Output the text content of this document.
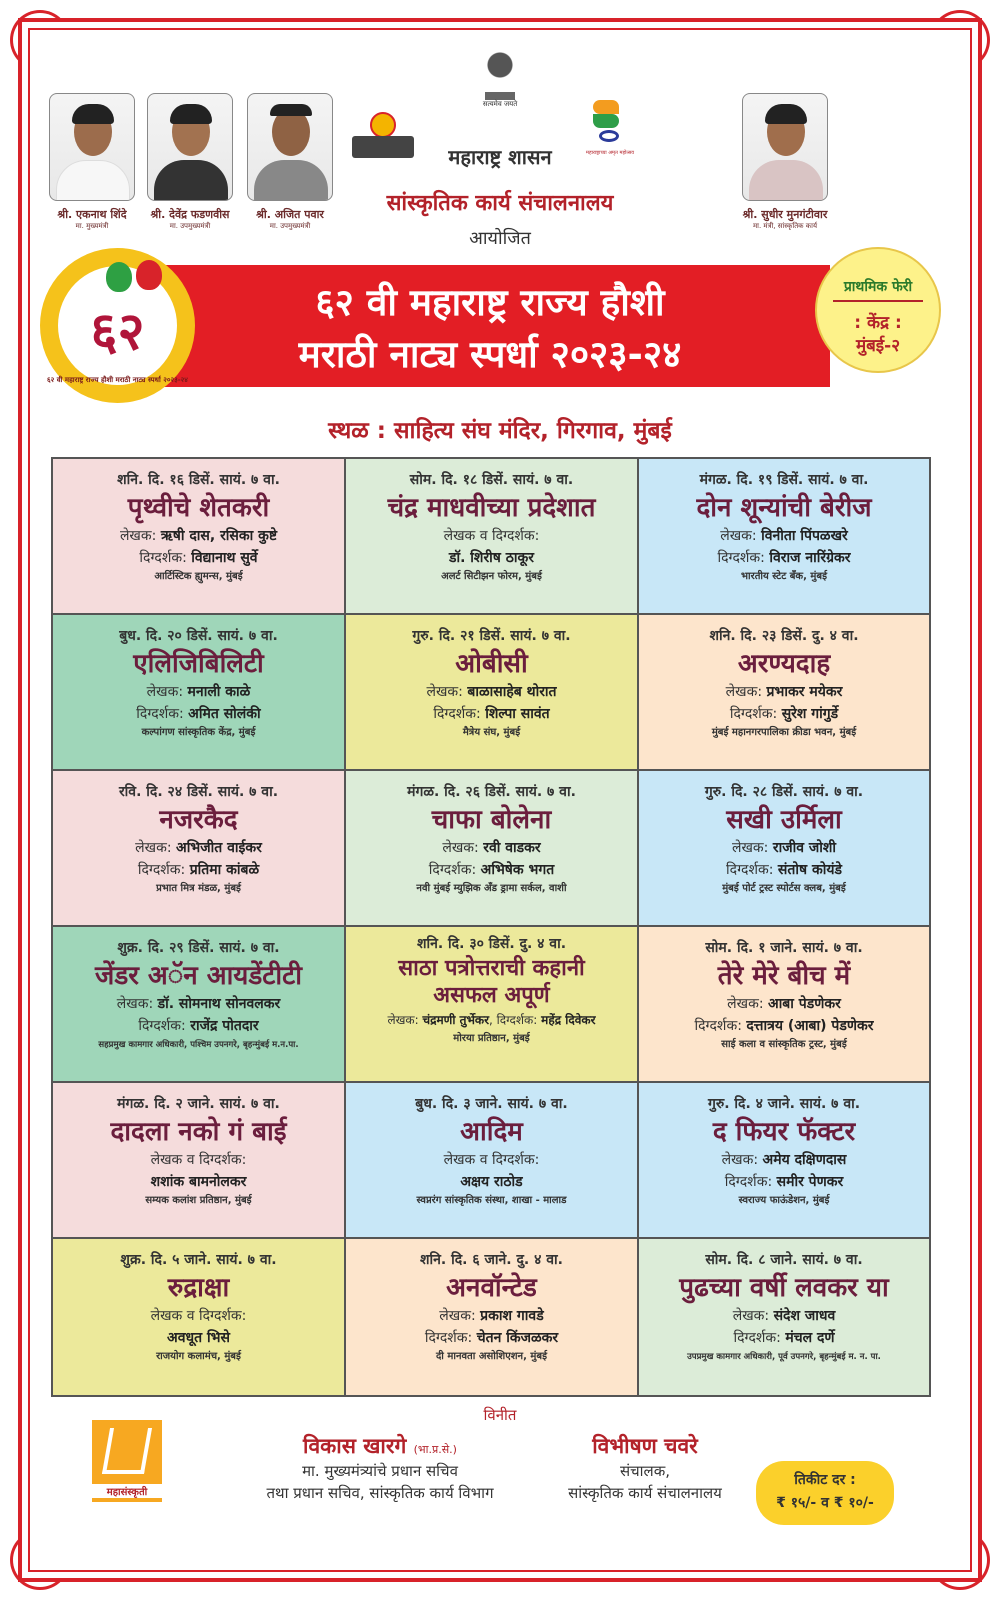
श्री. एकनाथ शिंदे
मा. मुख्यमंत्री
श्री. देवेंद्र फडणवीस
मा. उपमुख्यमंत्री
श्री. अजित पवार
मा. उपमुख्यमंत्री
श्री. सुधीर मुनगंटीवार
मा. मंत्री, सांस्कृतिक कार्य
सत्यमेव जयते
महाराष्ट्राच्या अमृत महोत्सव
महाराष्ट्र शासन
सांस्कृतिक कार्य संचालनालय
आयोजित
६२ वी महाराष्ट्र राज्य हौशी
मराठी नाट्य स्पर्धा २०२३-२४
६२
६२ वी महाराष्ट्र राज्य हौशी मराठी नाट्य स्पर्धा २०२३-२४
प्राथमिक फेरी
: केंद्र :
मुंबई-२
स्थळ : साहित्य संघ मंदिर, गिरगाव, मुंबई
शनि. दि. १६ डिसें. सायं. ७ वा.
पृथ्वीचे शेतकरी
लेखक: ऋषी दास, रसिका कुष्टे
दिग्दर्शक: विद्यानाथ सुर्वे
आर्टिस्टिक ह्युमन्स, मुंबई
सोम. दि. १८ डिसें. सायं. ७ वा.
चंद्र माधवीच्या प्रदेशात
लेखक व दिग्दर्शक:
डॉ. शिरीष ठाकूर
अलर्ट सिटीझन फोरम, मुंबई
मंगळ. दि. १९ डिसें. सायं. ७ वा.
दोन शून्यांची बेरीज
लेखक: विनीता पिंपळखरे
दिग्दर्शक: विराज नारिंग्रेकर
भारतीय स्टेट बँक, मुंबई
बुध. दि. २० डिसें. सायं. ७ वा.
एलिजिबिलिटी
लेखक: मनाली काळे
दिग्दर्शक: अमित सोलंकी
कल्पांगण सांस्कृतिक केंद्र, मुंबई
गुरु. दि. २१ डिसें. सायं. ७ वा.
ओबीसी
लेखक: बाळासाहेब थोरात
दिग्दर्शक: शिल्पा सावंत
मैत्रेय संघ, मुंबई
शनि. दि. २३ डिसें. दु. ४ वा.
अरण्यदाह
लेखक: प्रभाकर मयेकर
दिग्दर्शक: सुरेश गांगुर्डे
मुंबई महानगरपालिका क्रीडा भवन, मुंबई
रवि. दि. २४ डिसें. सायं. ७ वा.
नजरकैद
लेखक: अभिजीत वाईकर
दिग्दर्शक: प्रतिमा कांबळे
प्रभात मित्र मंडळ, मुंबई
मंगळ. दि. २६ डिसें. सायं. ७ वा.
चाफा बोलेना
लेखक: रवी वाडकर
दिग्दर्शक: अभिषेक भगत
नवी मुंबई म्युझिक अँड ड्रामा सर्कल, वाशी
गुरु. दि. २८ डिसें. सायं. ७ वा.
सखी उर्मिला
लेखक: राजीव जोशी
दिग्दर्शक: संतोष कोयंडे
मुंबई पोर्ट ट्रस्ट स्पोर्टस क्लब, मुंबई
शुक्र. दि. २९ डिसें. सायं. ७ वा.
जेंडर अॅन आयडेंटीटी
लेखक: डॉ. सोमनाथ सोनवलकर
दिग्दर्शक: राजेंद्र पोतदार
सहप्रमुख कामगार अधिकारी, पश्चिम उपनगरे, बृहन्मुंबई म.न.पा.
शनि. दि. ३० डिसें. दु. ४ वा.
साठा पत्रोत्तराची कहानी असफल अपूर्ण
लेखक: चंद्रमणी तुर्भेकर, दिग्दर्शक: महेंद्र दिवेकर
मोरया प्रतिष्ठान, मुंबई
सोम. दि. १ जाने. सायं. ७ वा.
तेरे मेरे बीच में
लेखक: आबा पेडणेकर
दिग्दर्शक: दत्तात्रय (आबा) पेडणेकर
साई कला व सांस्कृतिक ट्रस्ट, मुंबई
मंगळ. दि. २ जाने. सायं. ७ वा.
दादला नको गं बाई
लेखक व दिग्दर्शक:
शशांक बामनोलकर
सम्यक कलांश प्रतिष्ठान, मुंबई
बुध. दि. ३ जाने. सायं. ७ वा.
आदिम
लेखक व दिग्दर्शक:
अक्षय राठोड
स्वप्नरंग सांस्कृतिक संस्था, शाखा - मालाड
गुरु. दि. ४ जाने. सायं. ७ वा.
द फियर फॅक्टर
लेखक: अमेय दक्षिणदास
दिग्दर्शक: समीर पेणकर
स्वराज्य फाऊंडेशन, मुंबई
शुक्र. दि. ५ जाने. सायं. ७ वा.
रुद्राक्षा
लेखक व दिग्दर्शक:
अवधूत भिसे
राजयोग कलामंच, मुंबई
शनि. दि. ६ जाने. दु. ४ वा.
अनवॉन्टेड
लेखक: प्रकाश गावडे
दिग्दर्शक: चेतन किंजळकर
दी मानवता असोशिएशन, मुंबई
सोम. दि. ८ जाने. सायं. ७ वा.
पुढच्या वर्षी लवकर या
लेखक: संदेश जाधव
दिग्दर्शक: मंचल दर्णे
उपप्रमुख कामगार अधिकारी, पूर्व उपनगरे, बृहन्मुंबई म. न. पा.
महासंस्कृती
विनीत
विकास खारगे (भा.प्र.से.)
मा. मुख्यमंत्र्यांचे प्रधान सचिव
तथा प्रधान सचिव, सांस्कृतिक कार्य विभाग
विभीषण चवरे
संचालक,
सांस्कृतिक कार्य संचालनालय
तिकीट दर :
₹ १५/- व ₹ १०/-
